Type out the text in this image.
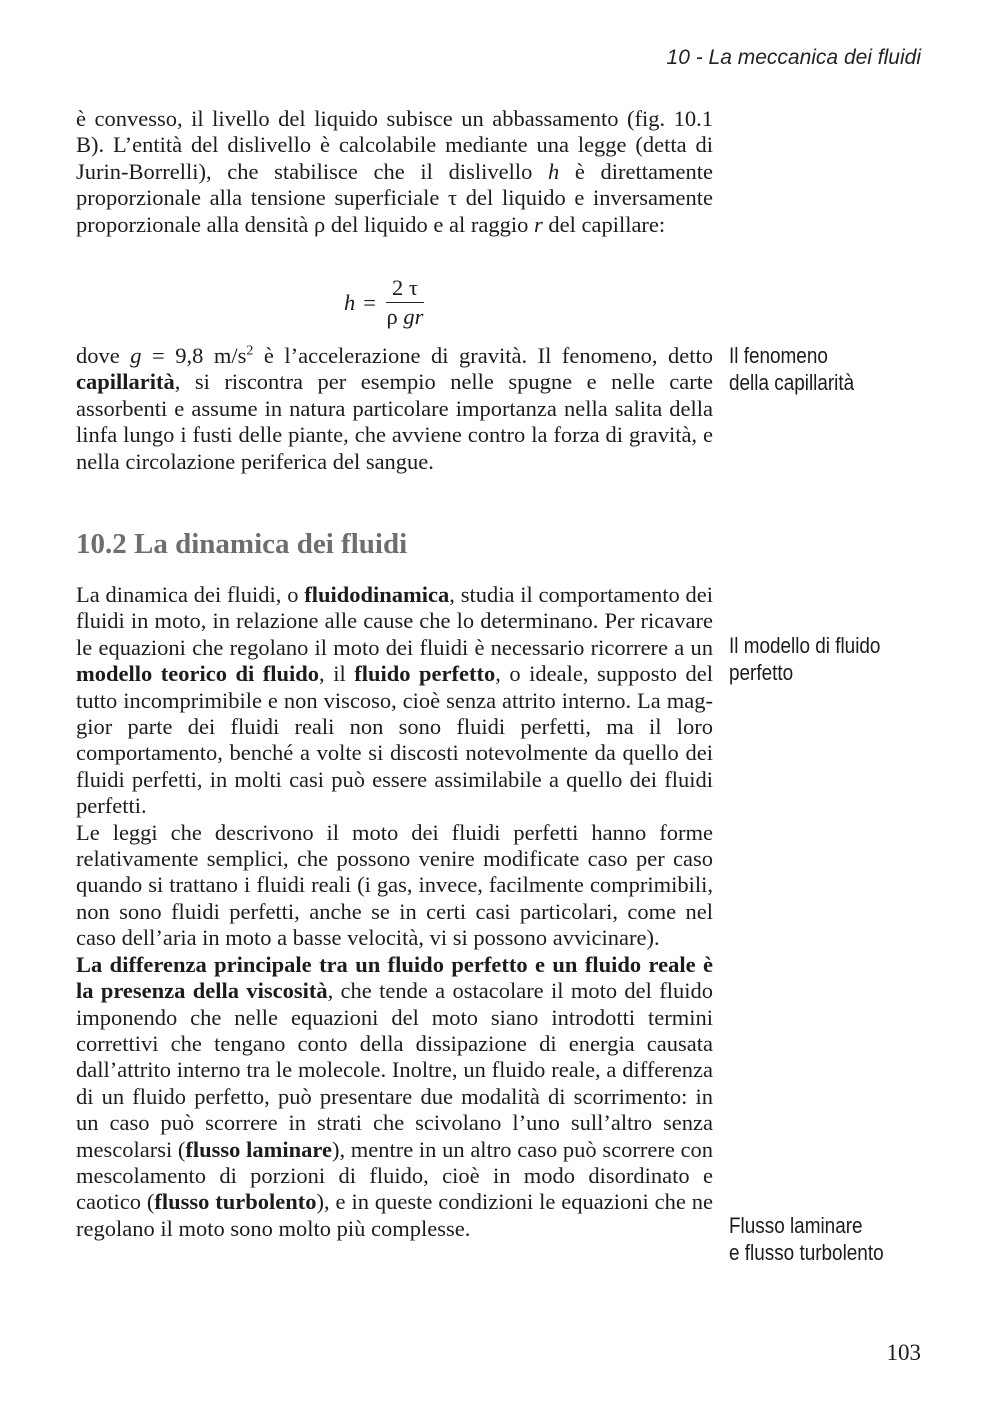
10 - La meccanica dei fluidi

è convesso, il livello del liquido subisce un abbassamento (fig. 10.1 B). L’entità del dislivello è calcolabile mediante una legge (detta di Jurin-Borrelli), che stabilisce che il dislivello h è direttamente proporzionale alla tensione superficiale τ del liquido e inversamente proporzionale alla densità ρ del liquido e al raggio r del capillare:

$h = \frac{2 \tau}{\text{ρ gr}}$

dove g = 9,8 $m/s^2$ è l’accelerazione di gravità. Il fenomeno, detto capillarità, si riscontra per esempio nelle spugne e nelle carte assorbenti e assume in natura particolare importanza nella salita della linfa lungo i fusti delle piante, che avviene contro la forza di gravità, e nella circolazione periferica del sangue.

10.2 La dinamica dei fluidi

La dinamica dei fluidi, o fluidodinamica, studia il comportamento dei fluidi in moto, in relazione alle cause che lo determinano. Per ricavare le equazioni che regolano il moto dei fluidi è necessario ricorrere a un modello teorico di fluido, il fluido perfetto, o ideale, supposto del tutto incomprimibile e non viscoso, cioè senza attrito interno. La maggior parte dei fluidi reali non sono fluidi perfetti, ma il loro comportamento, benché a volte si discosti notevolmente da quello dei fluidi perfetti, in molti casi può essere assimilabile a quello dei fluidi perfetti.

Le leggi che descrivono il moto dei fluidi perfetti hanno forme relativamente semplici, che possono venire modificate caso per caso quando si trattano i fluidi reali (i gas, invece, facilmente comprimibili, non sono fluidi perfetti, anche se in certi casi particolari, come nel caso dell’aria in moto a basse velocità, vi si possono avvicinare).

La differenza principale tra un fluido perfetto e un fluido reale è la presenza della viscosità, che tende a ostacolare il moto del fluido imponendo che nelle equazioni del moto siano introdotti termini correttivi che tengano conto della dissipazione di energia causata dall’attrito interno tra le molecole. Inoltre, un fluido reale, a differenza di un fluido perfetto, può presentare due modalità di scorrimento: in un caso può scorrere in strati che scivolano l’uno sull’altro senza mescolarsi (flusso laminare), mentre in un altro caso può scorrere con mescolamento di porzioni di fluido, cioè in modo disordinato e caotico (flusso turbolento), e in queste condizioni le equazioni che ne regolano il moto sono molto più complesse.

Il fenomeno
della capillarità
Il modello di fluido
perfetto
Flusso laminare
e flusso turbolento
103
